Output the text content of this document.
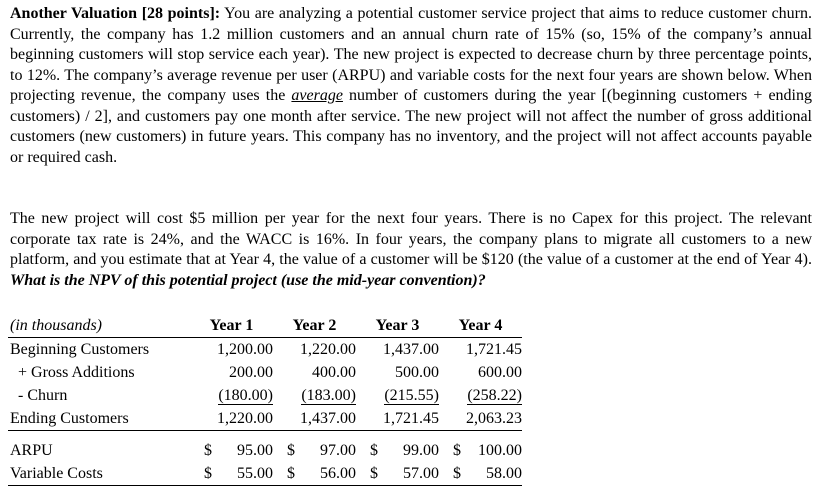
Another Valuation [28 points]: You are analyzing a potential customer service project that aims to reduce customer churn. Currently, the company has 1.2 million customers and an annual churn rate of 15% (so, 15% of the company’s annual beginning customers will stop service each year). The new project is expected to decrease churn by three percentage points, to 12%. The company’s average revenue per user (ARPU) and variable costs for the next four years are shown below. When projecting revenue, the company uses the average number of customers during the year [(beginning customers + ending customers) / 2], and customers pay one month after service. The new project will not affect the number of gross additional customers (new customers) in future years. This company has no inventory, and the project will not affect accounts payable or required cash.

The new project will cost $5 million per year for the next four years. There is no Capex for this project. The relevant corporate tax rate is 24%, and the WACC is 16%. In four years, the company plans to migrate all customers to a new platform, and you estimate that at Year 4, the value of a customer will be $120 (the value of a customer at the end of Year 4). What is the NPV of this potential project (use the mid-year convention)?

(in thousands)	Year 1	Year 2	Year 3	Year 4
Beginning Customers	1,200.00	1,220.00	1,437.00	1,721.45
+ Gross Additions	200.00	400.00	500.00	600.00
- Churn	(180.00)	(183.00)	(215.55)	(258.22)
Ending Customers	1,220.00	1,437.00	1,721.45	2,063.23

ARPU	$ 95.00	$ 97.00	$ 99.00	$ 100.00

Variable Costs	$ 55.00	$ 56.00	$ 57.00	$ 58.00
